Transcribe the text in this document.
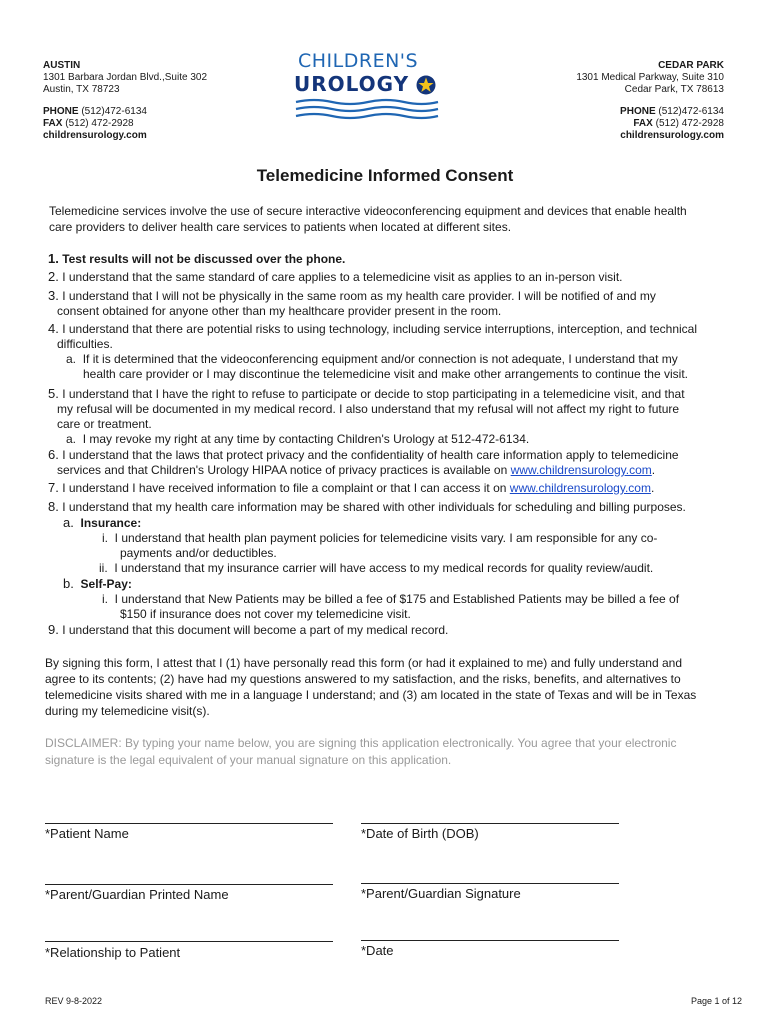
AUSTIN
1301 Barbara Jordan Blvd.,Suite 302
Austin, TX 78723
PHONE (512)472-6134
FAX (512) 472-2928
childrensurology.com
CHILDREN'S
UROLOGY
CEDAR PARK
1301 Medical Parkway, Suite 310
Cedar Park, TX 78613
PHONE (512)472-6134
FAX (512) 472-2928
childrensurology.com
Telemedicine Informed Consent
Telemedicine services involve the use of secure interactive videoconferencing equipment and devices that enable health
care providers to deliver health care services to patients when located at different sites.
1. Test results will not be discussed over the phone.
2. I understand that the same standard of care applies to a telemedicine visit as applies to an in-person visit.
3. I understand that I will not be physically in the same room as my health care provider. I will be notified of and my
consent obtained for anyone other than my healthcare provider present in the room.
4. I understand that there are potential risks to using technology, including service interruptions, interception, and technical
difficulties.
a. If it is determined that the videoconferencing equipment and/or connection is not adequate, I understand that my
health care provider or I may discontinue the telemedicine visit and make other arrangements to continue the visit.
5. I understand that I have the right to refuse to participate or decide to stop participating in a telemedicine visit, and that
my refusal will be documented in my medical record. I also understand that my refusal will not affect my right to future
care or treatment.
a. I may revoke my right at any time by contacting Children's Urology at 512-472-6134.
6. I understand that the laws that protect privacy and the confidentiality of health care information apply to telemedicine
services and that Children's Urology HIPAA notice of privacy practices is available on www.childrensurology.com.
7. I understand I have received information to file a complaint or that I can access it on www.childrensurology.com.
8. I understand that my health care information may be shared with other individuals for scheduling and billing purposes.
a. Insurance:
i. I understand that health plan payment policies for telemedicine visits vary. I am responsible for any co-
payments and/or deductibles.
ii. I understand that my insurance carrier will have access to my medical records for quality review/audit.
b. Self-Pay:
i. I understand that New Patients may be billed a fee of $175 and Established Patients may be billed a fee of
$150 if insurance does not cover my telemedicine visit.
9. I understand that this document will become a part of my medical record.
By signing this form, I attest that I (1) have personally read this form (or had it explained to me) and fully understand and
agree to its contents; (2) have had my questions answered to my satisfaction, and the risks, benefits, and alternatives to
telemedicine visits shared with me in a language I understand; and (3) am located in the state of Texas and will be in Texas
during my telemedicine visit(s).
DISCLAIMER: By typing your name below, you are signing this application electronically. You agree that your electronic
signature is the legal equivalent of your manual signature on this application.
*Patient Name	*Date of Birth (DOB)
*Parent/Guardian Printed Name	*Parent/Guardian Signature
*Relationship to Patient	*Date
REV 9-8-2022	Page 1 of 12
